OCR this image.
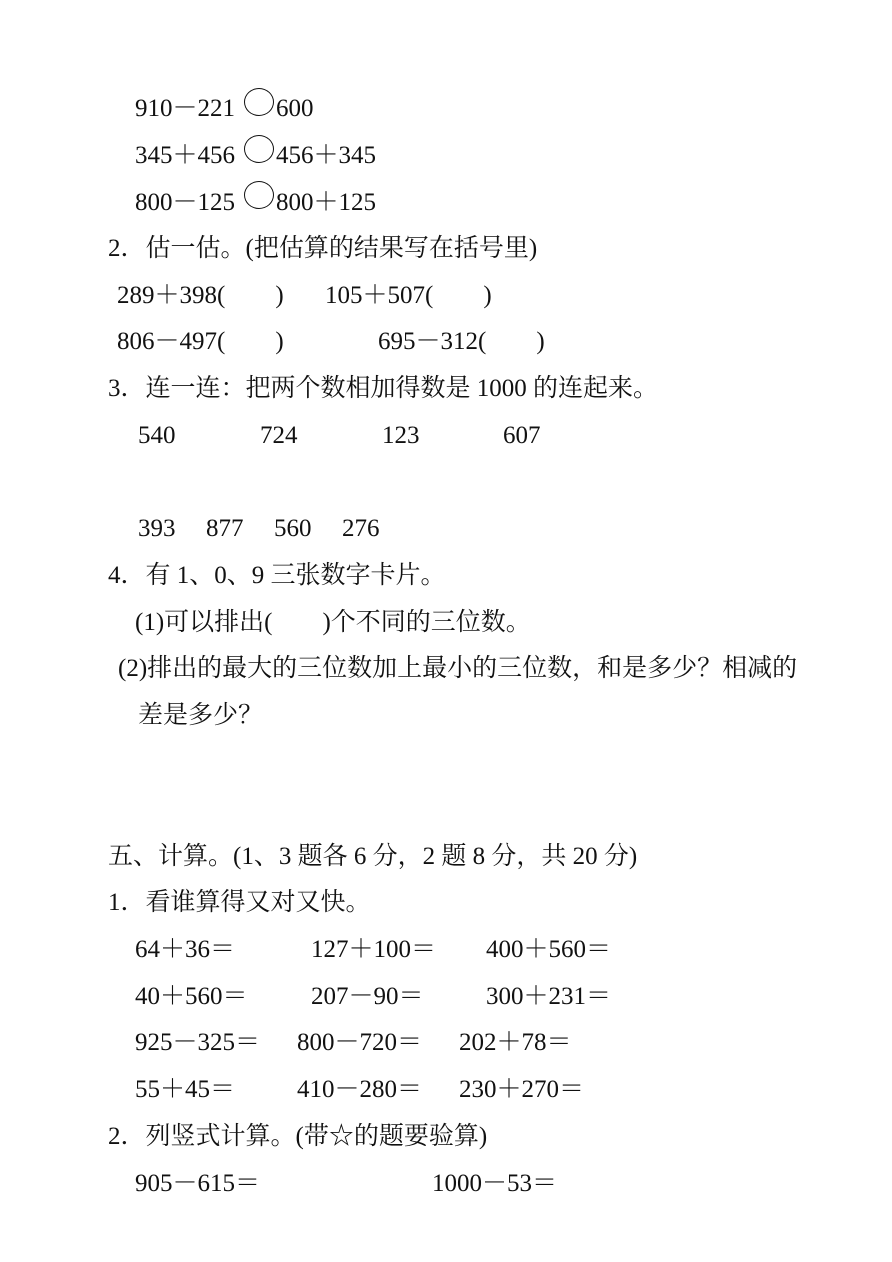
910－221 600
345＋456 456＋345
800－125 800＋125
2．估一估。(把估算的结果写在括号里)
289＋398(　　) 105＋507(　　)
806－497(　　)	695－312(　　)
3．连一连：把两个数相加得数是 1000 的连起来。
540	724	123	607
393 877 560 276
4．有 1、0、9 三张数字卡片。
(1)可以排出(　　)个不同的三位数。
(2)排出的最大的三位数加上最小的三位数，和是多少？相减的
差是多少？
五、计算。(1、3 题各 6 分，2 题 8 分，共 20 分)
1．看谁算得又对又快。
64＋36＝	127＋100＝ 400＋560＝
40＋560＝	207－90＝ 300＋231＝
925－325＝ 800－720＝ 202＋78＝
55＋45＝ 410－280＝ 230＋270＝
2．列竖式计算。(带☆的题要验算)
905－615＝	1000－53＝
